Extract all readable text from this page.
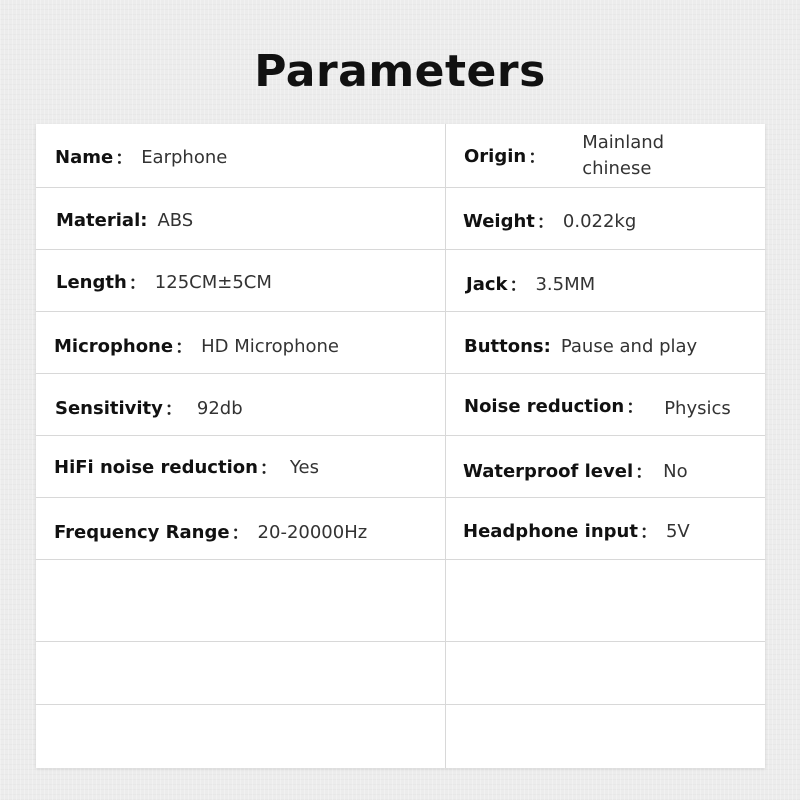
Parameters
Name ： Earphone
Material: ABS
Length ： 125CM±5CM
Microphone ： HD Microphone
Sensitivity ： 92db
HiFi noise reduction ： Yes
Frequency Range ： 20-20000Hz
Origin ：
Mainland chinese
Weight ： 0.022kg
Jack ： 3.5MM
Buttons: Pause and play
Noise reduction ： Physics
Waterproof level ： No
Headphone input ： 5V
